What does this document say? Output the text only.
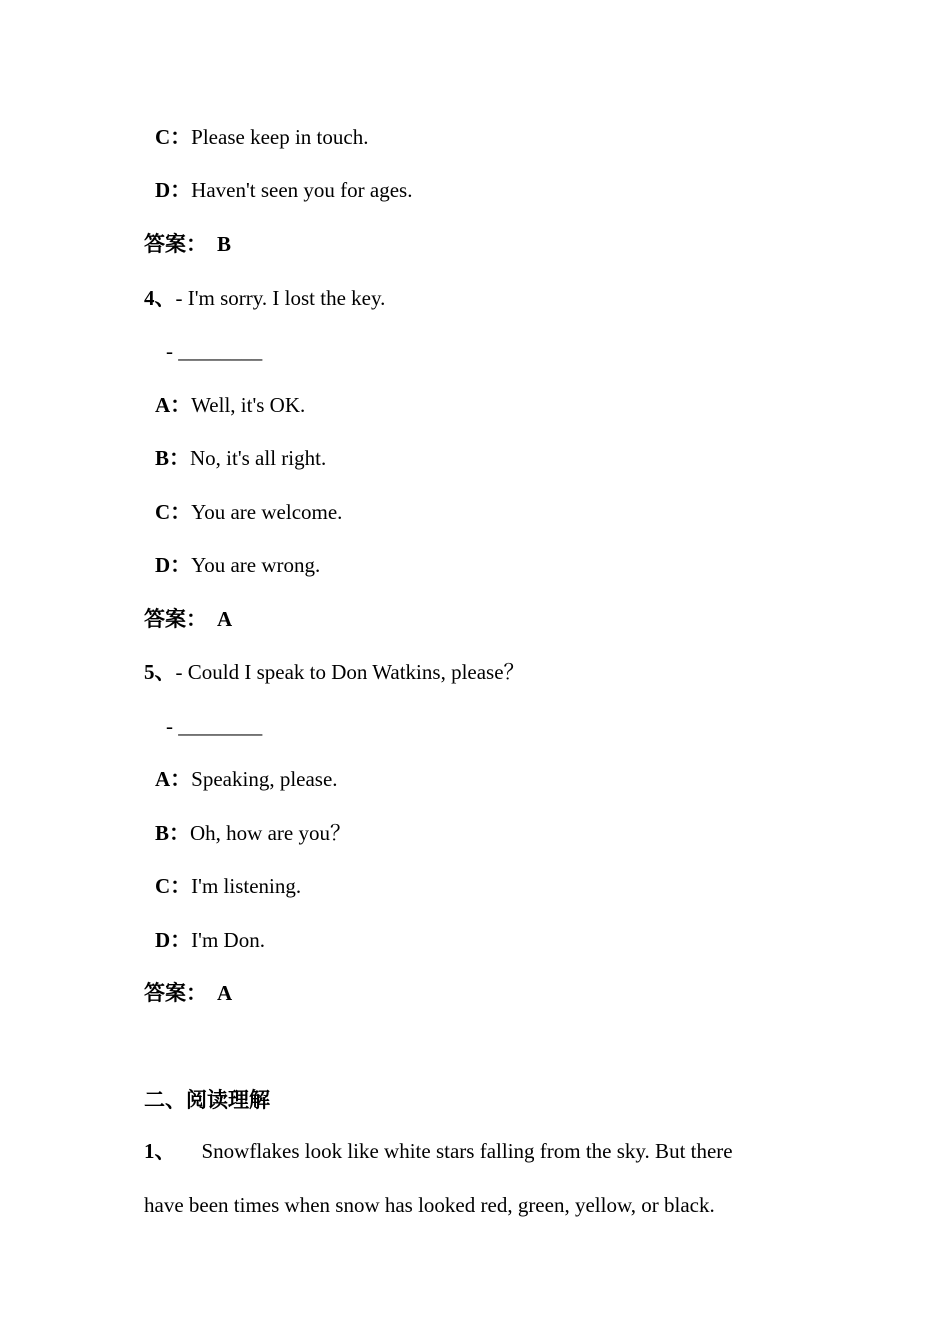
C：Please keep in touch.
D：Haven't seen you for ages.
答案： B
4、- I'm sorry. I lost the key.
- ________
A：Well, it's OK.
B：No, it's all right.
C：You are welcome.
D：You are wrong.
答案： A
5、- Could I speak to Don Watkins, please？
- ________
A：Speaking, please.
B：Oh, how are you？
C：I'm listening.
D：I'm Don.
答案： A
二、阅读理解
1、 Snowflakes look like white stars falling from the sky. But there
have been times when snow has looked red, green, yellow, or black.
